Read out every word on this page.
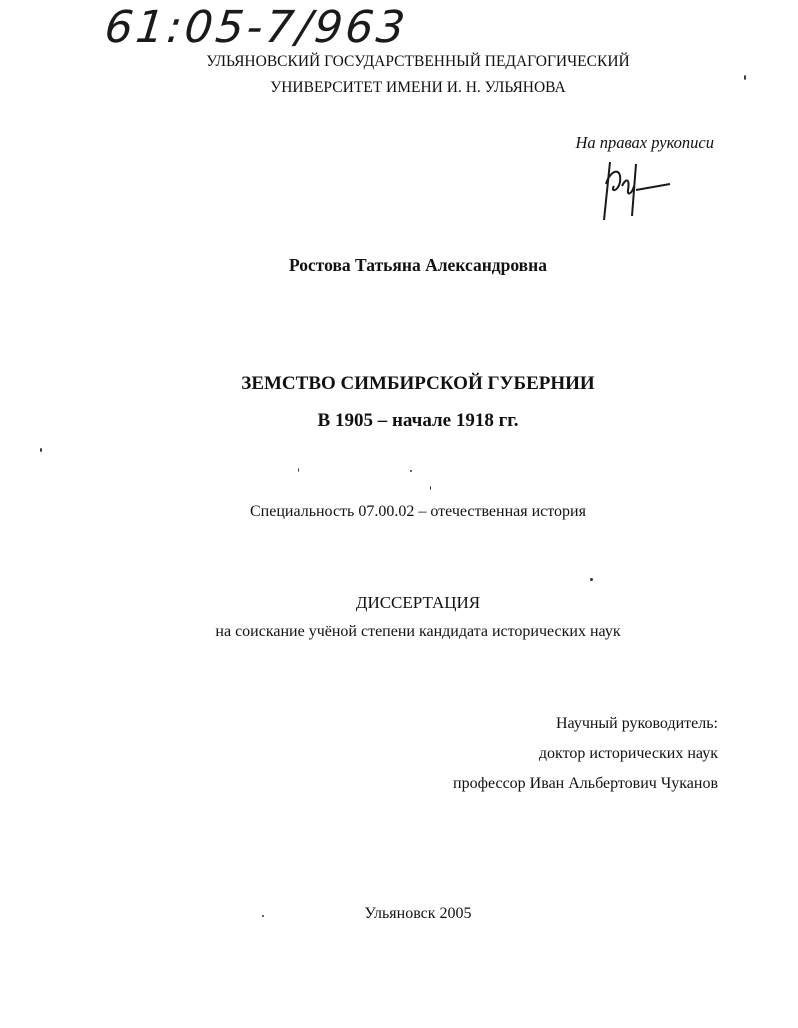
61:05-7/963

УЛЬЯНОВСКИЙ ГОСУДАРСТВЕННЫЙ ПЕДАГОГИЧЕСКИЙ

УНИВЕРСИТЕТ ИМЕНИ И. Н. УЛЬЯНОВА

На правах рукописи

Ростова Татьяна Александровна

ЗЕМСТВО СИМБИРСКОЙ ГУБЕРНИИ

В 1905 – начале 1918 гг.

Специальность 07.00.02 – отечественная история

ДИССЕРТАЦИЯ

на соискание учёной степени кандидата исторических наук

Научный руководитель:

доктор исторических наук

профессор Иван Альбертович Чуканов

Ульяновск 2005
